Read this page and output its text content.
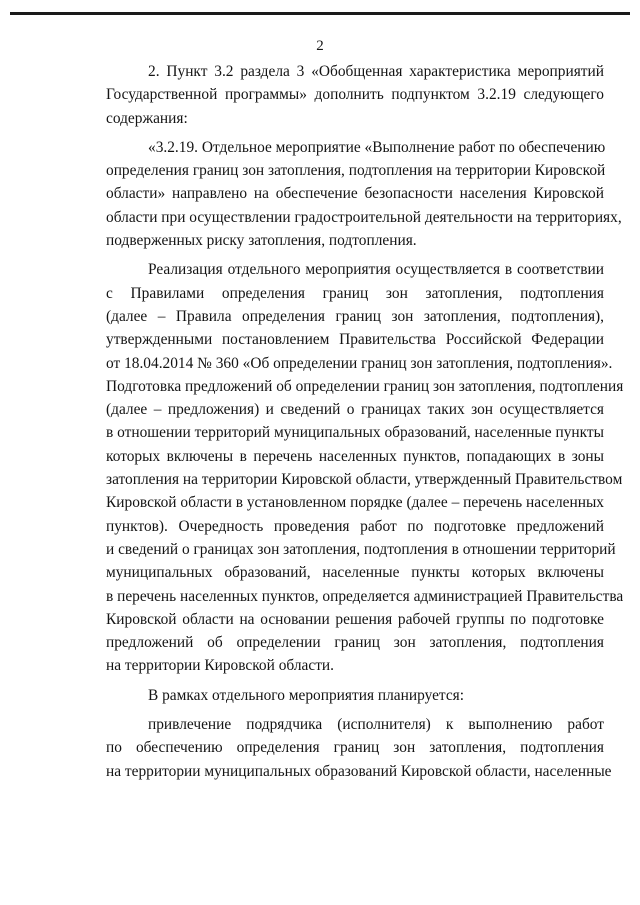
2
2. Пункт 3.2 раздела 3 «Обобщенная характеристика мероприятий
Государственной программы» дополнить подпунктом 3.2.19 следующего
содержания:
«3.2.19. Отдельное мероприятие «Выполнение работ по обеспечению
определения границ зон затопления, подтопления на территории Кировской
области» направлено на обеспечение безопасности населения Кировской
области при осуществлении градостроительной деятельности на территориях,
подверженных риску затопления, подтопления.
Реализация отдельного мероприятия осуществляется в соответствии
с Правилами определения границ зон затопления, подтопления
(далее – Правила определения границ зон затопления, подтопления),
утвержденными постановлением Правительства Российской Федерации
от 18.04.2014 № 360 «Об определении границ зон затопления, подтопления».
Подготовка предложений об определении границ зон затопления, подтопления
(далее – предложения) и сведений о границах таких зон осуществляется
в отношении территорий муниципальных образований, населенные пункты
которых включены в перечень населенных пунктов, попадающих в зоны
затопления на территории Кировской области, утвержденный Правительством
Кировской области в установленном порядке (далее – перечень населенных
пунктов). Очередность проведения работ по подготовке предложений
и сведений о границах зон затопления, подтопления в отношении территорий
муниципальных образований, населенные пункты которых включены
в перечень населенных пунктов, определяется администрацией Правительства
Кировской области на основании решения рабочей группы по подготовке
предложений об определении границ зон затопления, подтопления
на территории Кировской области.
В рамках отдельного мероприятия планируется:
привлечение подрядчика (исполнителя) к выполнению работ
по обеспечению определения границ зон затопления, подтопления
на территории муниципальных образований Кировской области, населенные
